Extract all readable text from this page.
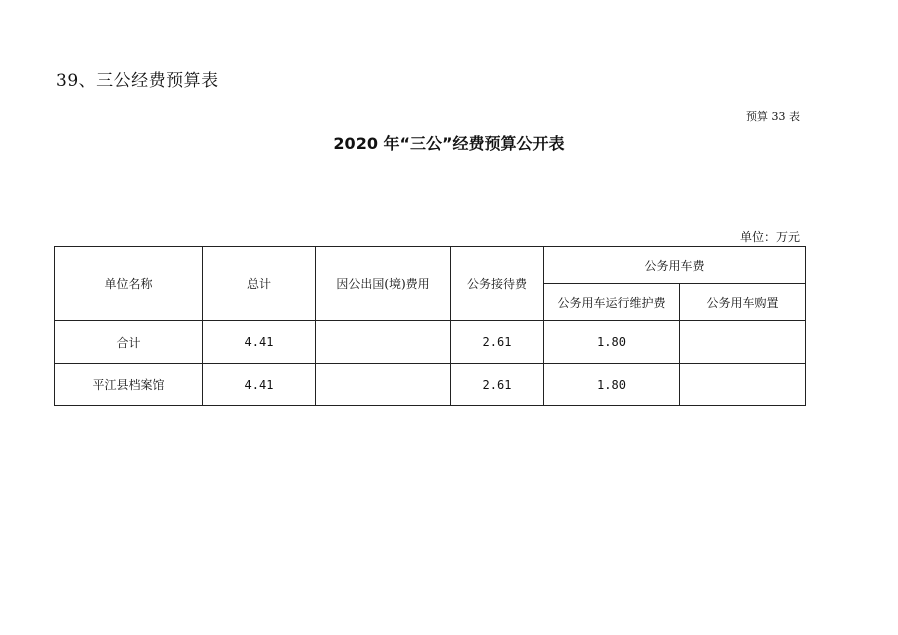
39、三公经费预算表
预算 33 表
2020 年“三公”经费预算公开表
单位：万元
单位名称	总计	因公出国(境)费用	公务接待费	公务用车费	
				公务用车运行维护费	公务用车购置
合计	4.41		2.61	1.80	
平江县档案馆	4.41		2.61	1.80	
